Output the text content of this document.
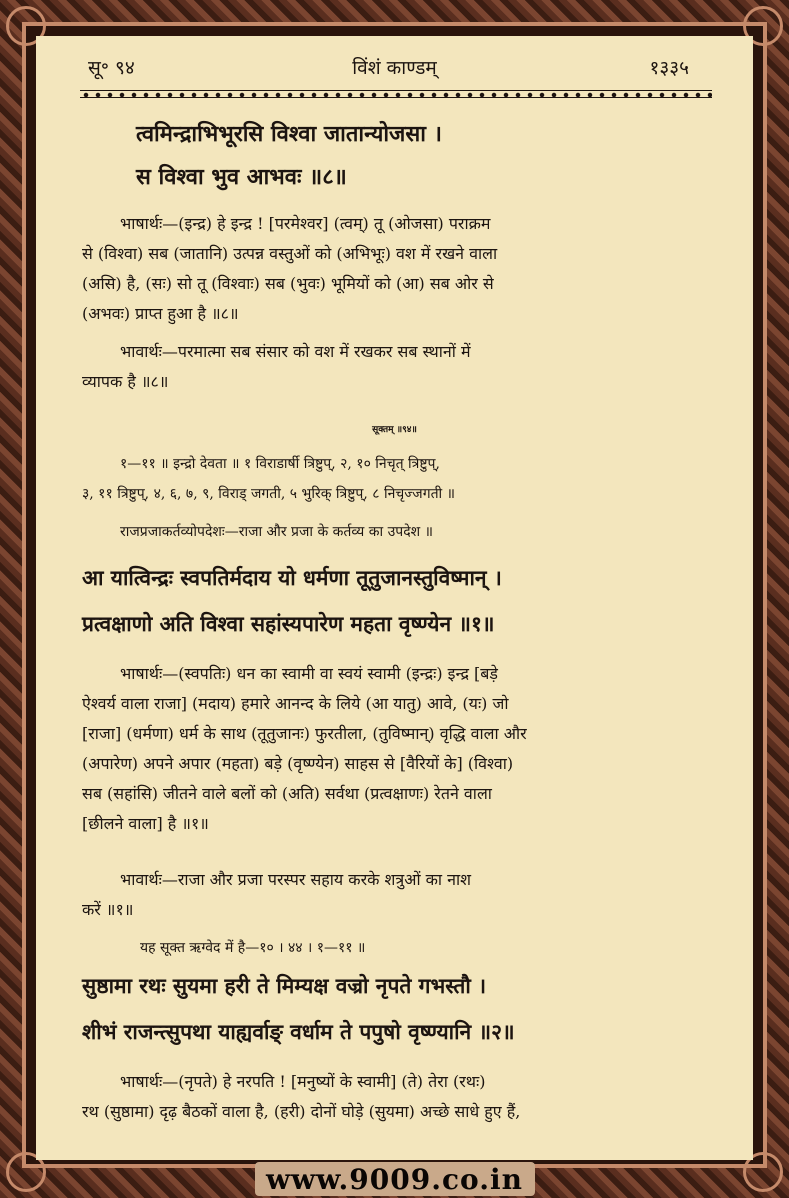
सू॰ ९४	विंशं काण्डम्	१३३५
त्वमिन्द्राभिभूरसि विश्वा जातान्योजसा ।
स विश्वा भुव आभवः ॥८॥
भाषार्थः—(इन्द्र) हे इन्द्र ! [परमेश्वर] (त्वम्) तू (ओजसा) पराक्रम
से (विश्वा) सब (जातानि) उत्पन्न वस्तुओं को (अभिभूः) वश में रखने वाला
(असि) है, (सः) सो तू (विश्वाः) सब (भुवः) भूमियों को (आ) सब ओर से
(अभवः) प्राप्त हुआ है ॥८॥
भावार्थः—परमात्मा सब संसार को वश में रखकर सब स्थानों में
व्यापक है ॥८॥
सूक्तम् ॥९४॥
१—११ ॥ इन्द्रो देवता ॥ १ विराडार्षी त्रिष्टुप्, २, १० निचृत् त्रिष्टुप्,
३, ११ त्रिष्टुप्, ४, ६, ७, ९, विराड् जगती, ५ भुरिक् त्रिष्टुप्, ८ निचृज्जगती ॥
राजप्रजाकर्तव्योपदेशः—राजा और प्रजा के कर्तव्य का उपदेश ॥
आ यात्विन्द्रः स्वपतिर्मदाय यो धर्मणा तूतुजानस्तुविष्मान् ।
प्रत्वक्षाणो अति विश्वा सहांस्यपारेण महता वृष्ण्येन ॥१॥
भाषार्थः—(स्वपतिः) धन का स्वामी वा स्वयं स्वामी (इन्द्रः) इन्द्र [बड़े
ऐश्वर्य वाला राजा] (मदाय) हमारे आनन्द के लिये (आ यातु) आवे, (यः) जो
[राजा] (धर्मणा) धर्म के साथ (तूतुजानः) फुरतीला, (तुविष्मान्) वृद्धि वाला और
(अपारेण) अपने अपार (महता) बड़े (वृष्ण्येन) साहस से [वैरियों के] (विश्वा)
सब (सहांसि) जीतने वाले बलों को (अति) सर्वथा (प्रत्वक्षाणः) रेतने वाला
[छीलने वाला] है ॥१॥
भावार्थः—राजा और प्रजा परस्पर सहाय करके शत्रुओं का नाश
करें ॥१॥
यह सूक्त ऋग्वेद में है—१० । ४४ । १—११ ॥
सुष्ठामा रथः सुयमा हरी ते मिम्यक्ष वज्रो नृपते गभस्तौ ।
शीभं राजन्त्सुपथा याह्यर्वाङ् वर्धाम ते पपुषो वृष्ण्यानि ॥२॥
भाषार्थः—(नृपते) हे नरपति ! [मनुष्यों के स्वामी] (ते) तेरा (रथः)
रथ (सुष्ठामा) दृढ़ बैठकों वाला है, (हरी) दोनों घोड़े (सुयमा) अच्छे साधे हुए हैं,
www.9009.co.in
